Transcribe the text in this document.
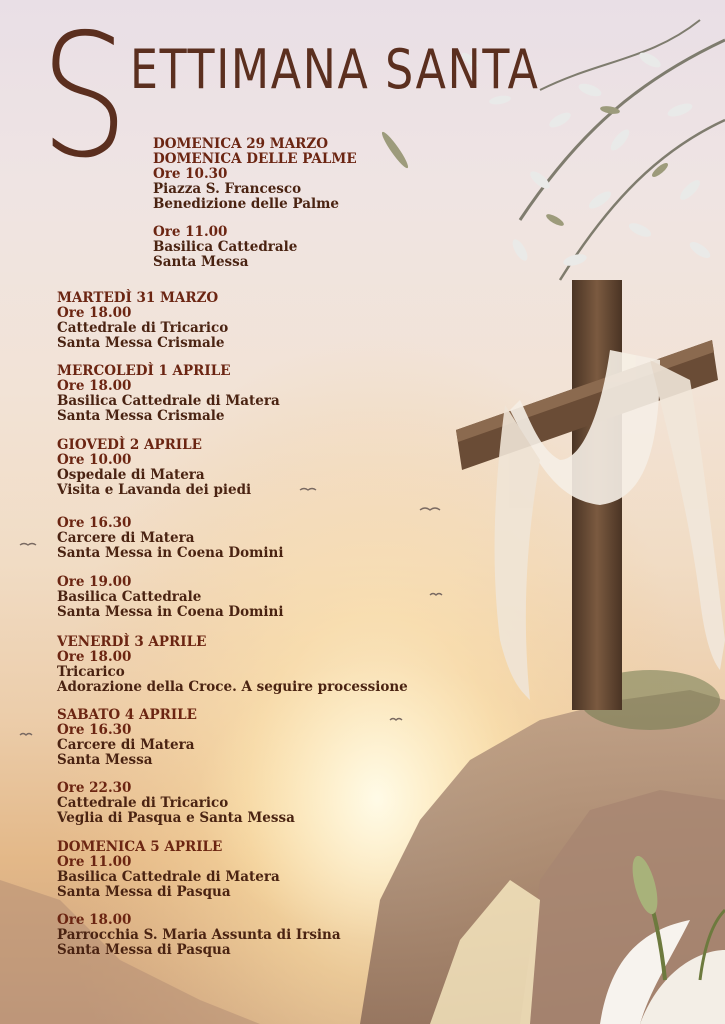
S ETTIMANA SANTA
DOMENICA 29 MARZO
DOMENICA DELLE PALME
Ore 10.30
Piazza S. Francesco
Benedizione delle Palme
Ore 11.00
Basilica Cattedrale
Santa Messa
MARTEDÌ 31 MARZO
Ore 18.00
Cattedrale di Tricarico
Santa Messa Crismale
MERCOLEDÌ 1 APRILE
Ore 18.00
Basilica Cattedrale di Matera
Santa Messa Crismale
GIOVEDÌ 2 APRILE
Ore 10.00
Ospedale di Matera
Visita e Lavanda dei piedi
Ore 16.30
Carcere di Matera
Santa Messa in Coena Domini
Ore 19.00
Basilica Cattedrale
Santa Messa in Coena Domini
VENERDÌ 3 APRILE
Ore 18.00
Tricarico
Adorazione della Croce. A seguire processione
SABATO 4 APRILE
Ore 16.30
Carcere di Matera
Santa Messa
Ore 22.30
Cattedrale di Tricarico
Veglia di Pasqua e Santa Messa
DOMENICA 5 APRILE
Ore 11.00
Basilica Cattedrale di Matera
Santa Messa di Pasqua
Ore 18.00
Parrocchia S. Maria Assunta di Irsina
Santa Messa di Pasqua
